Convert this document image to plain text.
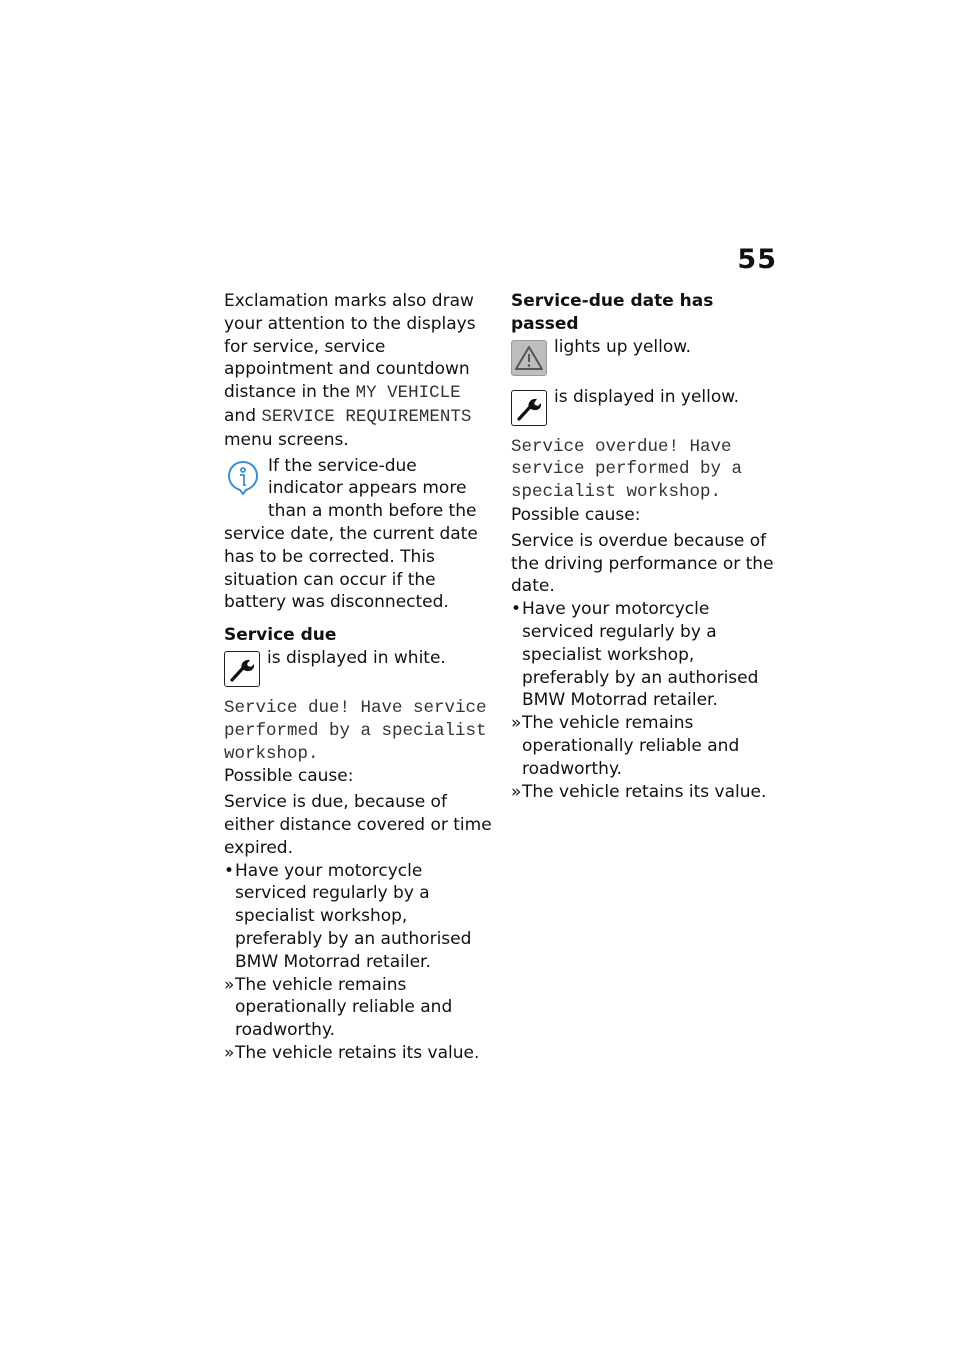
55

Exclamation marks also draw your attention to the displays for service, service appointment and countdown distance in the MY VEHICLE and SERVICE REQUIREMENTS menu screens.

If the service-due indicator appears more than a month before the service date, the current date has to be corrected. This situation can occur if the battery was disconnected.

Service due

is displayed in white.

Service due! Have service performed by a specialist workshop.

Possible cause:

Service is due, because of either distance covered or time expired.

• Have your motorcycle serviced regularly by a specialist workshop, preferably by an authorised BMW Motorrad retailer.
» The vehicle remains operationally reliable and roadworthy.
» The vehicle retains its value.

Service-due date has passed

lights up yellow.
is displayed in yellow.

Service overdue! Have service performed by a specialist workshop.

Possible cause:

Service is overdue because of the driving performance or the date.

• Have your motorcycle serviced regularly by a specialist workshop, preferably by an authorised BMW Motorrad retailer.
» The vehicle remains operationally reliable and roadworthy.
» The vehicle retains its value.
